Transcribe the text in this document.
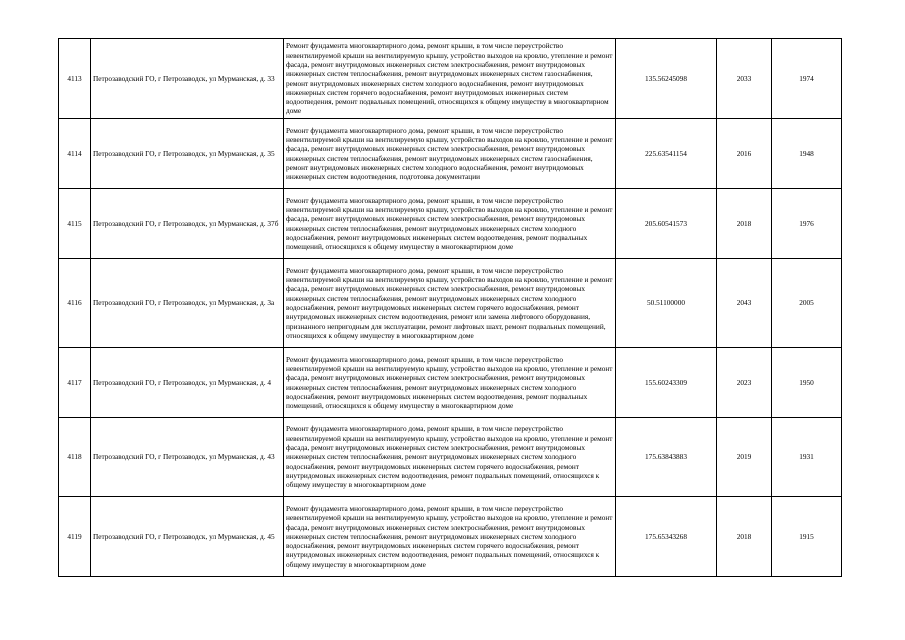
4113	Петрозаводский ГО, г Петрозаводск, ул Мурманская, д. 33	Ремонт фундамента многоквартирного дома, ремонт крыши, в том числе переустройство невентилируемой крыши на вентилируемую крышу, устройство выходов на кровлю, утепление и ремонт фасада, ремонт внутридомовых инженерных систем электроснабжения, ремонт внутридомовых инженерных систем теплоснабжения, ремонт внутридомовых инженерных систем газоснабжения, ремонт внутридомовых инженерных систем холодного водоснабжения, ремонт внутридомовых инженерных систем горячего водоснабжения, ремонт внутридомовых инженерных систем водоотведения, ремонт подвальных помещений, относящихся к общему имуществу в многоквартирном доме	135.56245098	2033	1974
4114	Петрозаводский ГО, г Петрозаводск, ул Мурманская, д. 35	Ремонт фундамента многоквартирного дома, ремонт крыши, в том числе переустройство невентилируемой крыши на вентилируемую крышу, устройство выходов на кровлю, утепление и ремонт фасада, ремонт внутридомовых инженерных систем электроснабжения, ремонт внутридомовых инженерных систем теплоснабжения, ремонт внутридомовых инженерных систем газоснабжения, ремонт внутридомовых инженерных систем холодного водоснабжения, ремонт внутридомовых инженерных систем водоотведения, подготовка документации	225.63541154	2016	1948
4115	Петрозаводский ГО, г Петрозаводск, ул Мурманская, д. 37б	Ремонт фундамента многоквартирного дома, ремонт крыши, в том числе переустройство невентилируемой крыши на вентилируемую крышу, устройство выходов на кровлю, утепление и ремонт фасада, ремонт внутридомовых инженерных систем электроснабжения, ремонт внутридомовых инженерных систем теплоснабжения, ремонт внутридомовых инженерных систем холодного водоснабжения, ремонт внутридомовых инженерных систем водоотведения, ремонт подвальных помещений, относящихся к общему имуществу в многоквартирном доме	205.60541573	2018	1976
4116	Петрозаводский ГО, г Петрозаводск, ул Мурманская, д. 3а	Ремонт фундамента многоквартирного дома, ремонт крыши, в том числе переустройство невентилируемой крыши на вентилируемую крышу, устройство выходов на кровлю, утепление и ремонт фасада, ремонт внутридомовых инженерных систем электроснабжения, ремонт внутридомовых инженерных систем теплоснабжения, ремонт внутридомовых инженерных систем холодного водоснабжения, ремонт внутридомовых инженерных систем горячего водоснабжения, ремонт внутридомовых инженерных систем водоотведения, ремонт или замена лифтового оборудования, признанного непригодным для эксплуатации, ремонт лифтовых шахт, ремонт подвальных помещений, относящихся к общему имуществу в многоквартирном доме	50.51100000	2043	2005
4117	Петрозаводский ГО, г Петрозаводск, ул Мурманская, д. 4	Ремонт фундамента многоквартирного дома, ремонт крыши, в том числе переустройство невентилируемой крыши на вентилируемую крышу, устройство выходов на кровлю, утепление и ремонт фасада, ремонт внутридомовых инженерных систем электроснабжения, ремонт внутридомовых инженерных систем теплоснабжения, ремонт внутридомовых инженерных систем холодного водоснабжения, ремонт внутридомовых инженерных систем водоотведения, ремонт подвальных помещений, относящихся к общему имуществу в многоквартирном доме	155.60243309	2023	1950
4118	Петрозаводский ГО, г Петрозаводск, ул Мурманская, д. 43	Ремонт фундамента многоквартирного дома, ремонт крыши, в том числе переустройство невентилируемой крыши на вентилируемую крышу, устройство выходов на кровлю, утепление и ремонт фасада, ремонт внутридомовых инженерных систем электроснабжения, ремонт внутридомовых инженерных систем теплоснабжения, ремонт внутридомовых инженерных систем холодного водоснабжения, ремонт внутридомовых инженерных систем горячего водоснабжения, ремонт внутридомовых инженерных систем водоотведения, ремонт подвальных помещений, относящихся к общему имуществу в многоквартирном доме	175.63843883	2019	1931
4119	Петрозаводский ГО, г Петрозаводск, ул Мурманская, д. 45	Ремонт фундамента многоквартирного дома, ремонт крыши, в том числе переустройство невентилируемой крыши на вентилируемую крышу, устройство выходов на кровлю, утепление и ремонт фасада, ремонт внутридомовых инженерных систем электроснабжения, ремонт внутридомовых инженерных систем теплоснабжения, ремонт внутридомовых инженерных систем холодного водоснабжения, ремонт внутридомовых инженерных систем горячего водоснабжения, ремонт внутридомовых инженерных систем водоотведения, ремонт подвальных помещений, относящихся к общему имуществу в многоквартирном доме	175.65343268	2018	1915
